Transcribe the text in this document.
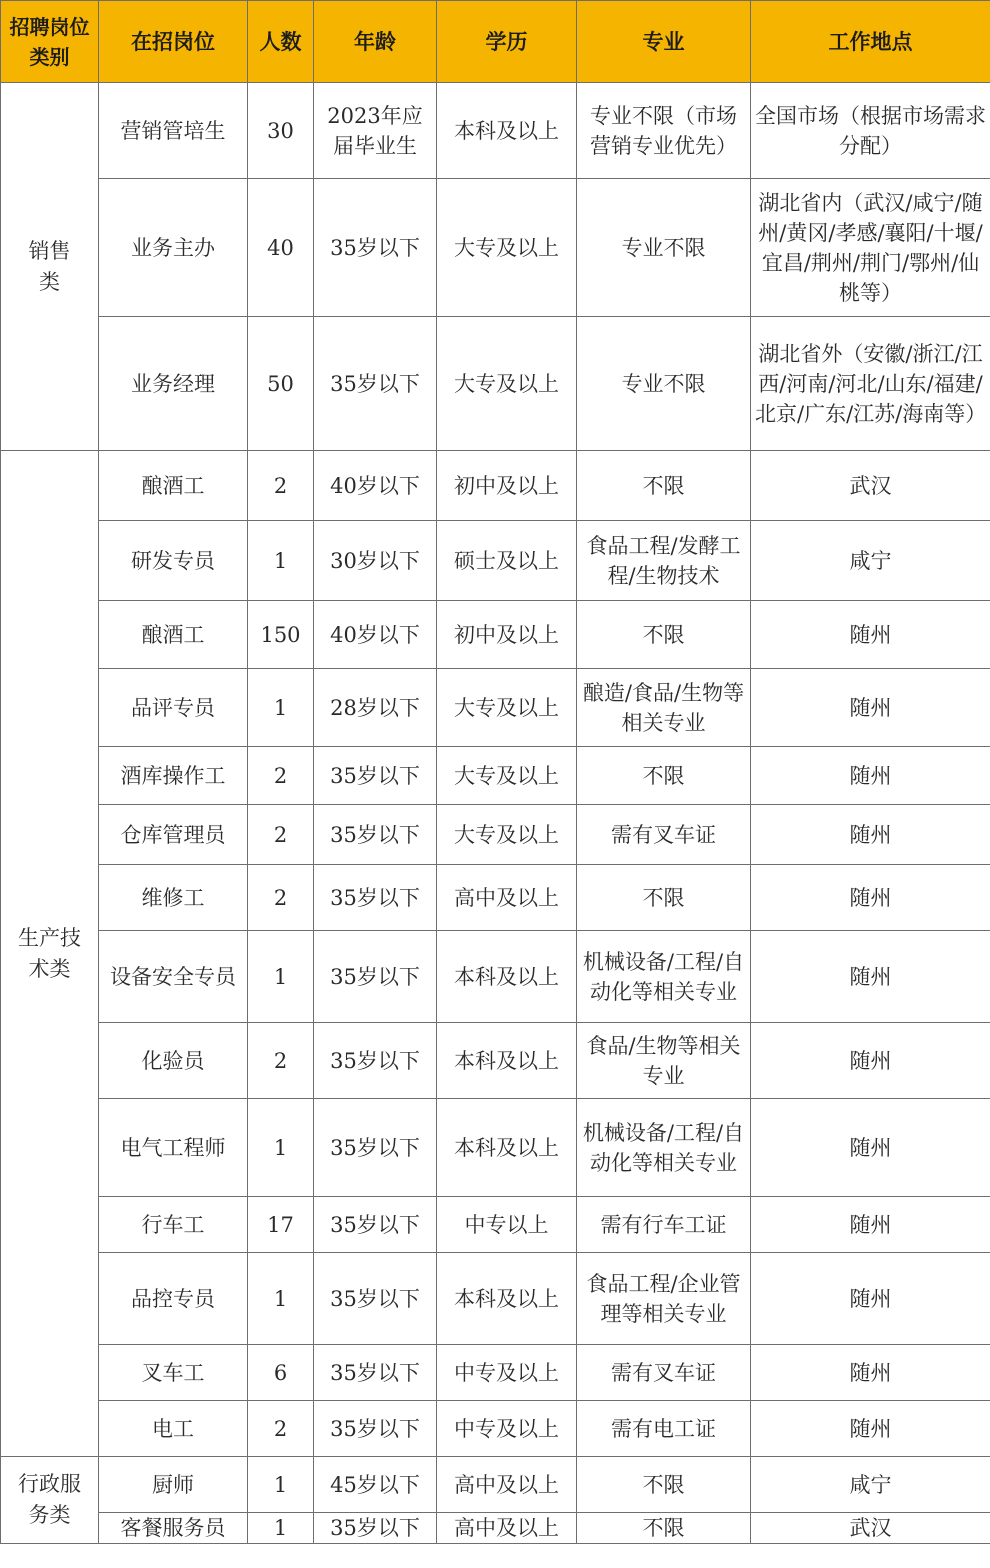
招聘岗位类别	在招岗位	人数	年龄	学历	专业	工作地点
销售类	营销管培生	30	2023年应届毕业生	本科及以上	专业不限（市场营销专业优先）	全国市场（根据市场需求分配）
	业务主办	40	35岁以下	大专及以上	专业不限	湖北省内（武汉/咸宁/随州/黄冈/孝感/襄阳/十堰/宜昌/荆州/荆门/鄂州/仙桃等）
	业务经理	50	35岁以下	大专及以上	专业不限	湖北省外（安徽/浙江/江西/河南/河北/山东/福建/北京/广东/江苏/海南等）
生产技术类	酿酒工	2	40岁以下	初中及以上	不限	武汉
	研发专员	1	30岁以下	硕士及以上	食品工程/发酵工程/生物技术	咸宁
	酿酒工	150	40岁以下	初中及以上	不限	随州
	品评专员	1	28岁以下	大专及以上	酿造/食品/生物等相关专业	随州
	酒库操作工	2	35岁以下	大专及以上	不限	随州
	仓库管理员	2	35岁以下	大专及以上	需有叉车证	随州
	维修工	2	35岁以下	高中及以上	不限	随州
	设备安全专员	1	35岁以下	本科及以上	机械设备/工程/自动化等相关专业	随州
	化验员	2	35岁以下	本科及以上	食品/生物等相关专业	随州
	电气工程师	1	35岁以下	本科及以上	机械设备/工程/自动化等相关专业	随州
	行车工	17	35岁以下	中专以上	需有行车工证	随州
	品控专员	1	35岁以下	本科及以上	食品工程/企业管理等相关专业	随州
	叉车工	6	35岁以下	中专及以上	需有叉车证	随州
	电工	2	35岁以下	中专及以上	需有电工证	随州
行政服务类	厨师	1	45岁以下	高中及以上	不限	咸宁
	客餐服务员	1	35岁以下	高中及以上	不限	武汉
